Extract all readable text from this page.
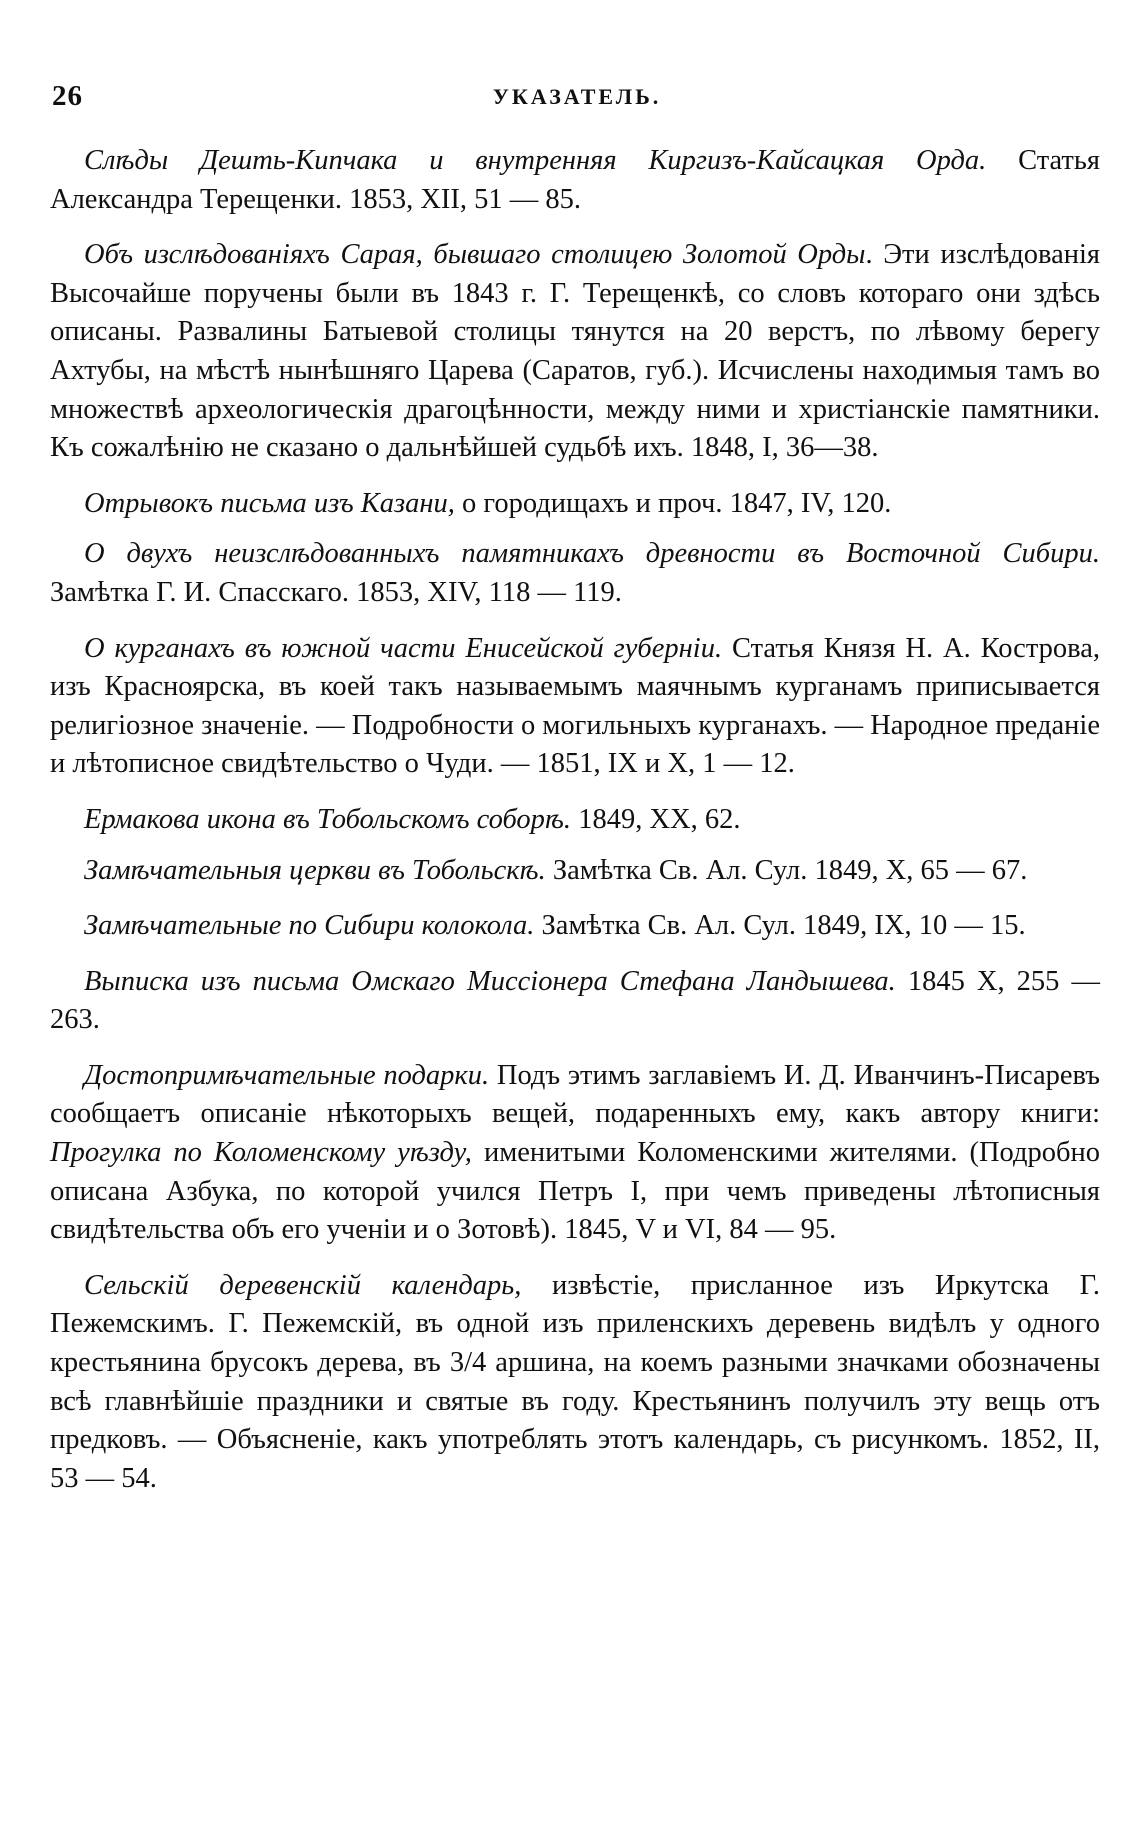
26	УКАЗАТЕЛЬ.

Слѣды Дешть-Кипчака и внутренняя Киргизъ-Кайсацкая Орда. Статья Александра Терещенки. 1853, XII, 51 — 85.

Объ изслѣдованіяхъ Сарая, бывшаго столицею Золотой Орды. Эти изслѣдованія Высочайше поручены были въ 1843 г. Г. Терещенкѣ, со словъ котораго они здѣсь описаны. Развалины Батыевой столицы тянутся на 20 верстъ, по лѣвому берегу Ахтубы, на мѣстѣ нынѣшняго Царева (Саратов, губ.). Исчислены находимыя тамъ во множествѣ археологическія драгоцѣнности, между ними и христіанскіе памятники. Къ сожалѣнію не сказано о дальнѣйшей судьбѣ ихъ. 1848, I, 36—38.

Отрывокъ письма изъ Казани, о городищахъ и проч. 1847, IV, 120.

О двухъ неизслѣдованныхъ памятникахъ древности въ Восточной Сибири. Замѣтка Г. И. Спасскаго. 1853, XIV, 118 — 119.

О курганахъ въ южной части Енисейской губерніи. Статья Князя Н. А. Кострова, изъ Красноярска, въ коей такъ называемымъ маячнымъ курганамъ приписывается религіозное значеніе. — Подробности о могильныхъ курганахъ. — Народное преданіе и лѣтописное свидѣтельство о Чуди. — 1851, IX и X, 1 — 12.

Ермакова икона въ Тобольскомъ соборѣ. 1849, XX, 62.

Замѣчательныя церкви въ Тобольскѣ. Замѣтка Св. Ал. Сул. 1849, X, 65 — 67.

Замѣчательные по Сибири колокола. Замѣтка Св. Ал. Сул. 1849, IX, 10 — 15.

Выписка изъ письма Омскаго Миссіонера Стефана Ландышева. 1845 X, 255 — 263.

Достопримѣчательные подарки. Подъ этимъ заглавіемъ И. Д. Иванчинъ-Писаревъ сообщаетъ описаніе нѣкоторыхъ вещей, подаренныхъ ему, какъ автору книги: Прогулка по Коломенскому уѣзду, именитыми Коломенскими жителями. (Подробно описана Азбука, по которой учился Петръ I, при чемъ приведены лѣтописныя свидѣтельства объ его ученіи и о Зотовѣ). 1845, V и VI, 84 — 95.

Сельскій деревенскій календарь, извѣстіе, присланное изъ Иркутска Г. Пежемскимъ. Г. Пежемскій, въ одной изъ приленскихъ деревень видѣлъ у одного крестьянина брусокъ дерева, въ 3/4 аршина, на коемъ разными значками обозначены всѣ главнѣйшіе праздники и святые въ году. Крестьянинъ получилъ эту вещь отъ предковъ. — Объясненіе, какъ употреблять этотъ календарь, съ рисункомъ. 1852, II, 53 — 54.
